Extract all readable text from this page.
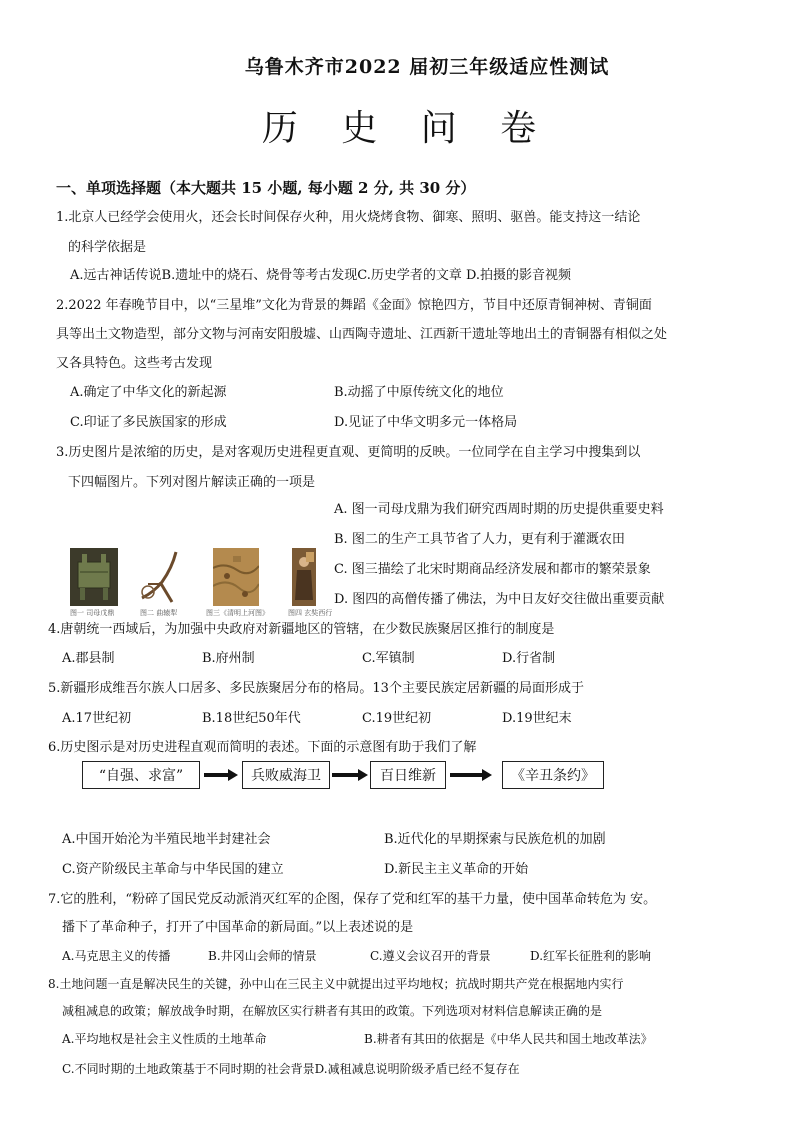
乌鲁木齐市2022 届初三年级适应性测试
历 史 问 卷
一、单项选择题（本大题共 15 小题, 每小题 2 分, 共 30 分）
1.北京人已经学会使用火，还会长时间保存火种，用火烧烤食物、御寒、照明、驱兽。能支持这一结论
的科学依据是
A.远古神话传说B.遗址中的烧石、烧骨等考古发现C.历史学者的文章 D.拍摄的影音视频
2.2022 年春晚节目中，以“三星堆”文化为背景的舞蹈《金面》惊艳四方，节目中还原青铜神树、青铜面
具等出土文物造型，部分文物与河南安阳殷墟、山西陶寺遗址、江西新干遗址等地出土的青铜器有相似之处
又各具特色。这些考古发现
A.确定了中华文化的新起源	B.动摇了中原传统文化的地位
C.印证了多民族国家的形成	D.见证了中华文明多元一体格局
3.历史图片是浓缩的历史，是对客观历史进程更直观、更简明的反映。一位同学在自主学习中搜集到以
下四幅图片。下列对图片解读正确的一项是
A. 图一司母戊鼎为我们研究西周时期的历史提供重要史料
B. 图二的生产工具节省了人力，更有利于灌溉农田
C. 图三描绘了北宋时期商品经济发展和都市的繁荣景象
D. 图四的高僧传播了佛法，为中日友好交往做出重要贡献
图一 司母戊鼎	图二 曲辕犁	图三《清明上河图》	图四 玄奘西行
4.唐朝统一西域后，为加强中央政府对新疆地区的管辖，在少数民族聚居区推行的制度是
A.郡县制	B.府州制	C.军镇制	D.行省制
5.新疆形成维吾尔族人口居多、多民族聚居分布的格局。13个主要民族定居新疆的局面形成于
A.17世纪初	B.18世纪50年代	C.19世纪初	D.19世纪末
6.历史图示是对历史进程直观而简明的表述。下面的示意图有助于我们了解
“自强、求富”	兵败威海卫	百日维新	《辛丑条约》
A.中国开始沦为半殖民地半封建社会	B.近代化的早期探索与民族危机的加剧
C.资产阶级民主革命与中华民国的建立	D.新民主主义革命的开始
7.它的胜利，“粉碎了国民党反动派消灭红军的企图，保存了党和红军的基干力量，使中国革命转危为 安。
播下了革命种子，打开了中国革命的新局面。”以上表述说的是
A.马克思主义的传播	B.井冈山会师的情景	C.遵义会议召开的背景	D.红军长征胜利的影响
8.土地问题一直是解决民生的关键，孙中山在三民主义中就提出过平均地权；抗战时期共产党在根据地内实行
减租减息的政策；解放战争时期，在解放区实行耕者有其田的政策。下列选项对材料信息解读正确的是
A.平均地权是社会主义性质的土地革命	B.耕者有其田的依据是《中华人民共和国土地改革法》
C.不同时期的土地政策基于不同时期的社会背景D.减租减息说明阶级矛盾已经不复存在
